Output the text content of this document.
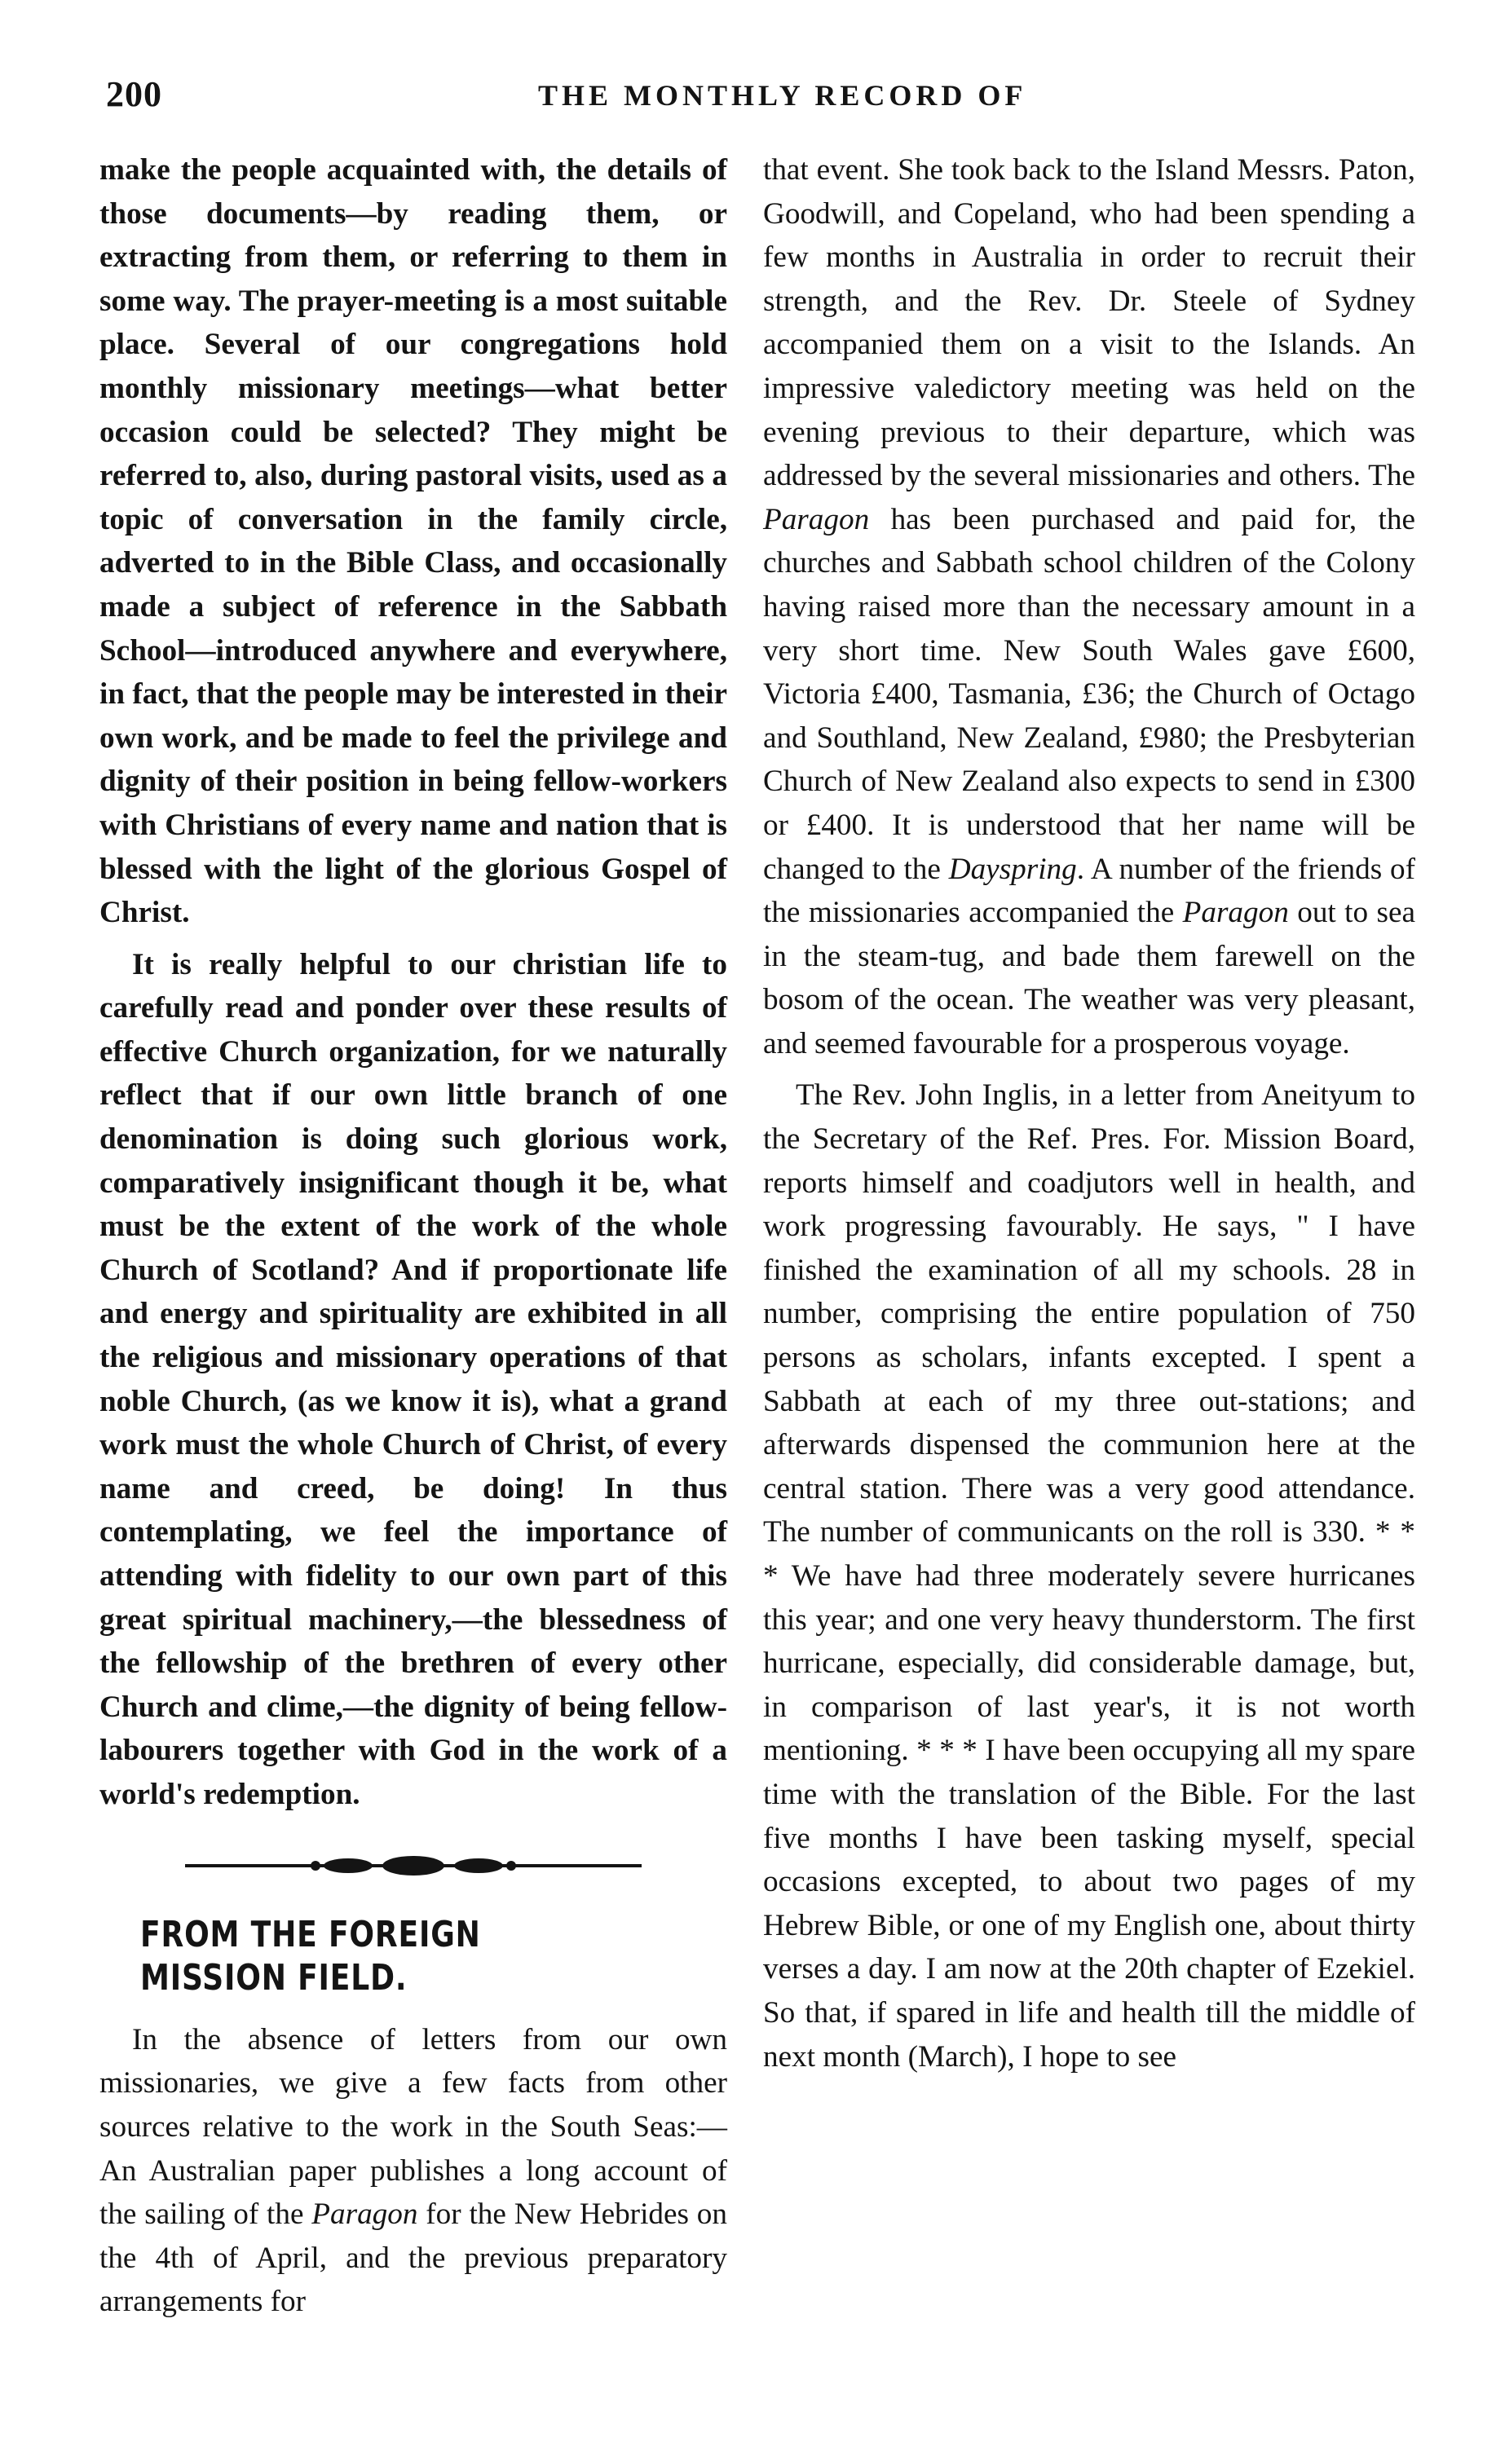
200	THE MONTHLY RECORD OF

make the people acquainted with, the details of those documents—by reading them, or extracting from them, or referring to them in some way. The prayer-meeting is a most suitable place. Several of our congregations hold monthly missionary meetings—what better occasion could be selected? They might be referred to, also, during pastoral visits, used as a topic of conversation in the family circle, adverted to in the Bible Class, and occasionally made a subject of reference in the Sabbath School—introduced anywhere and everywhere, in fact, that the people may be interested in their own work, and be made to feel the privilege and dignity of their position in being fellow-workers with Christians of every name and nation that is blessed with the light of the glorious Gospel of Christ.

It is really helpful to our christian life to carefully read and ponder over these results of effective Church organization, for we naturally reflect that if our own little branch of one denomination is doing such glorious work, comparatively insignificant though it be, what must be the extent of the work of the whole Church of Scotland? And if proportionate life and energy and spirituality are exhibited in all the religious and missionary operations of that noble Church, (as we know it is), what a grand work must the whole Church of Christ, of every name and creed, be doing! In thus contemplating, we feel the importance of attending with fidelity to our own part of this great spiritual machinery,—the blessedness of the fellowship of the brethren of every other Church and clime,—the dignity of being fellow-labourers together with God in the work of a world's redemption.

FROM THE FOREIGN MISSION FIELD.

In the absence of letters from our own missionaries, we give a few facts from other sources relative to the work in the South Seas:—An Australian paper publishes a long account of the sailing of the Paragon for the New Hebrides on the 4th of April, and the previous preparatory arrangements for

that event. She took back to the Island Messrs. Paton, Goodwill, and Copeland, who had been spending a few months in Australia in order to recruit their strength, and the Rev. Dr. Steele of Sydney accompanied them on a visit to the Islands. An impressive valedictory meeting was held on the evening previous to their departure, which was addressed by the several missionaries and others. The Paragon has been purchased and paid for, the churches and Sabbath school children of the Colony having raised more than the necessary amount in a very short time. New South Wales gave £600, Victoria £400, Tasmania, £36; the Church of Octago and Southland, New Zealand, £980; the Presbyterian Church of New Zealand also expects to send in £300 or £400. It is understood that her name will be changed to the Dayspring. A number of the friends of the missionaries accompanied the Paragon out to sea in the steam-tug, and bade them farewell on the bosom of the ocean. The weather was very pleasant, and seemed favourable for a prosperous voyage.

The Rev. John Inglis, in a letter from Aneityum to the Secretary of the Ref. Pres. For. Mission Board, reports himself and coadjutors well in health, and work progressing favourably. He says, " I have finished the examination of all my schools. 28 in number, comprising the entire population of 750 persons as scholars, infants excepted. I spent a Sabbath at each of my three out-stations; and afterwards dispensed the communion here at the central station. There was a very good attendance. The number of communicants on the roll is 330. * * * We have had three moderately severe hurricanes this year; and one very heavy thunderstorm. The first hurricane, especially, did considerable damage, but, in comparison of last year's, it is not worth mentioning. * * * I have been occupying all my spare time with the translation of the Bible. For the last five months I have been tasking myself, special occasions excepted, to about two pages of my Hebrew Bible, or one of my English one, about thirty verses a day. I am now at the 20th chapter of Ezekiel. So that, if spared in life and health till the middle of next month (March), I hope to see
